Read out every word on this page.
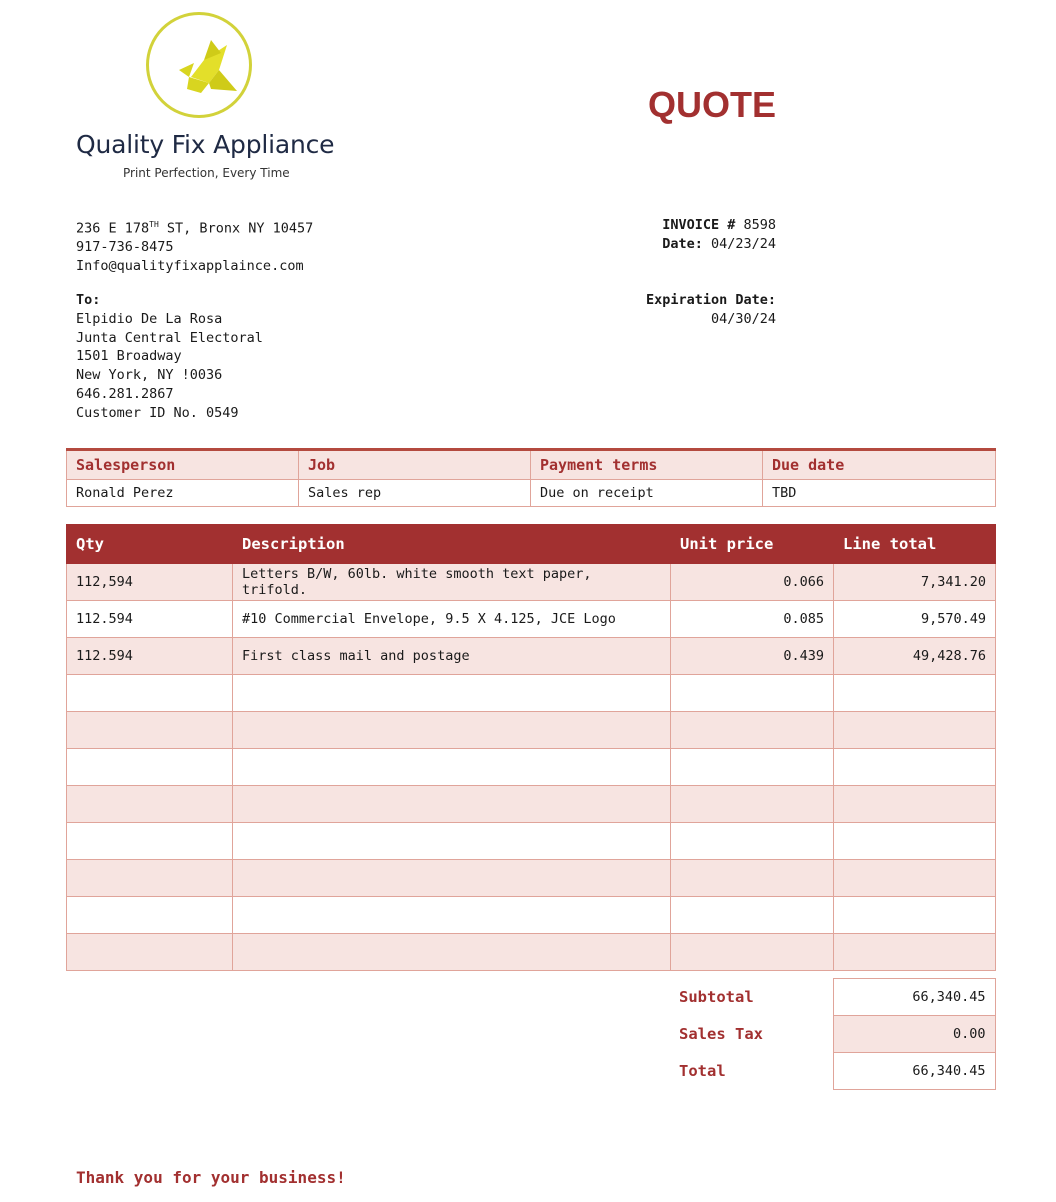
Quality Fix Appliance
Print Perfection, Every Time
QUOTE
236 E 178TH ST, Bronx NY 10457
917-736-8475
Info@qualityfixapplaince.com
INVOICE # 8598
Date: 04/23/24
To:
Elpidio De La Rosa
Junta Central Electoral
1501 Broadway
New York, NY !0036
646.281.2867
Customer ID No. 0549
Expiration Date:
04/30/24
Salesperson	Job	Payment terms	Due date
Ronald Perez	Sales rep	Due on receipt	TBD
Qty	Description	Unit price	Line total
112,594	Letters B/W, 60lb. white smooth text paper, trifold.	0.066	7,341.20
112.594	#10 Commercial Envelope, 9.5 X 4.125, JCE Logo	0.085	9,570.49
112.594	First class mail and postage	0.439	49,428.76

Subtotal	66,340.45
Sales Tax	0.00
Total	66,340.45
Thank you for your business!
